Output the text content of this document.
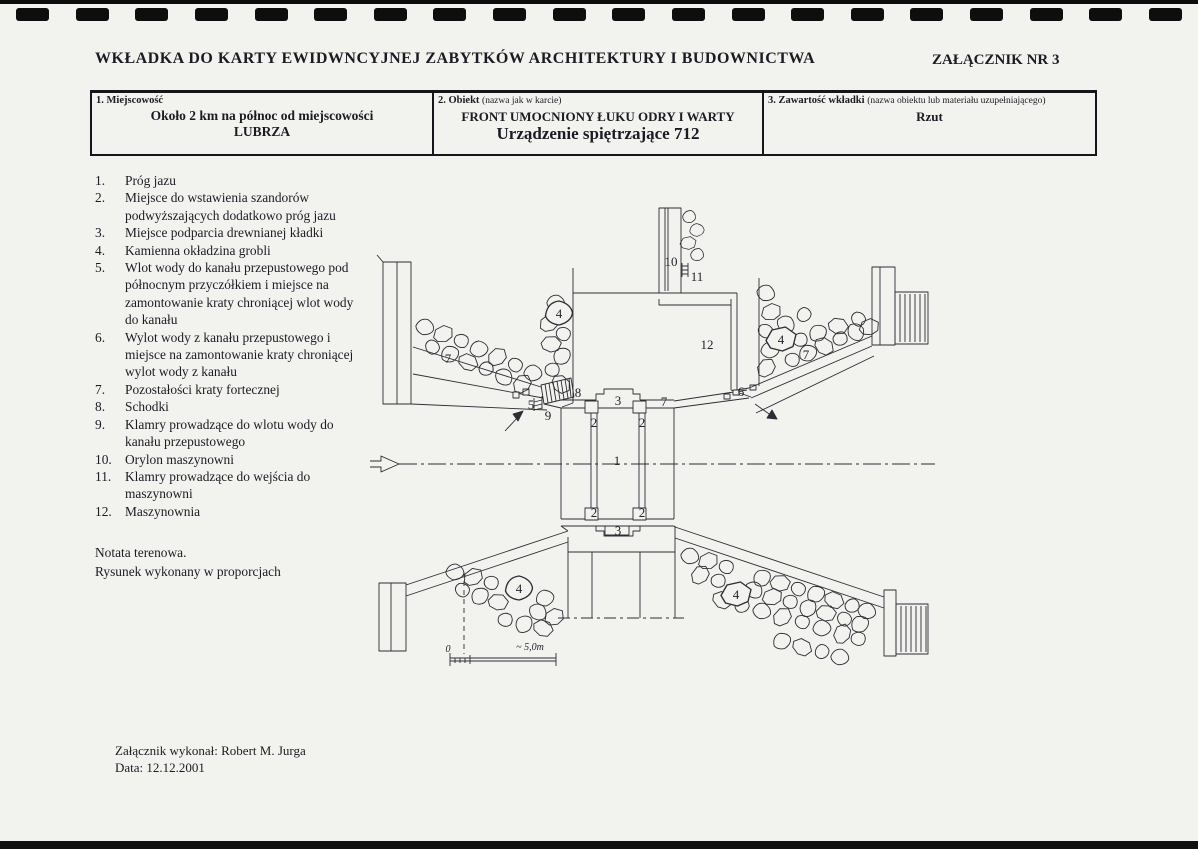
WKŁADKA DO KARTY EWIDWNCYJNEJ ZABYTKÓW ARCHITEKTURY I BUDOWNICTWA	ZAŁĄCZNIK NR 3
1. Miejscowość
Około 2 km na północ od miejscowości
LUBRZA
2. Obiekt (nazwa jak w karcie)
FRONT UMOCNIONY ŁUKU ODRY I WARTY
Urządzenie spiętrzające 712
3. Zawartość wkładki (nazwa obiektu lub materiału uzupełniającego)
Rzut
1.	Próg jazu
2.	Miejsce do wstawienia szandorów podwyższających dodatkowo próg jazu
3.	Miejsce podparcia drewnianej kładki
4.	Kamienna okładzina grobli
5.	Wlot wody do kanału przepustowego pod północnym przyczółkiem i miejsce na zamontowanie kraty chroniącej wlot wody do kanału
6.	Wylot wody z kanału przepustowego i miejsce na zamontowanie kraty chroniącej wylot wody z kanału
7.	Pozostałości kraty fortecznej
8.	Schodki
9.	Klamry prowadzące do wlotu wody do kanału przepustowego
10. Orylon maszynowni
11.	Klamry prowadzące do wejścia do maszynowni
12. Maszynownia
Notata terenowa.
Rysunek wykonany w proporcjach
0	~ 5,0m
1
2	2
2	2
3
3
4
4
4	4
5
6
7	7
7
8
9
10
11
12
Załącznik wykonał: Robert M. Jurga
Data: 12.12.2001
